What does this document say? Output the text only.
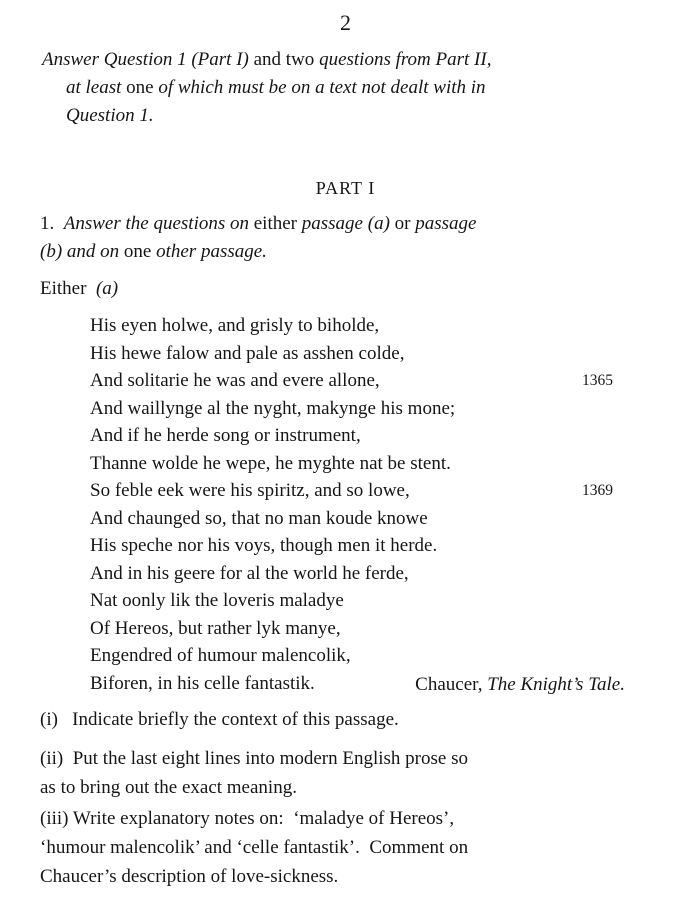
2
Answer Question 1 (Part I) and two questions from Part II,
at least one of which must be on a text not dealt with in
Question 1.
PART I
1. Answer the questions on either passage (a) or passage
(b) and on one other passage.
Either (a)
His eyen holwe, and grisly to biholde,
His hewe falow and pale as asshen colde,
And solitarie he was and evere allone,	1365
And waillynge al the nyght, makynge his mone;
And if he herde song or instrument,
Thanne wolde he wepe, he myghte nat be stent.
So feble eek were his spiritz, and so lowe,	1369
And chaunged so, that no man koude knowe
His speche nor his voys, though men it herde.
And in his geere for al the world he ferde,
Nat oonly lik the loveris maladye
Of Hereos, but rather lyk manye,
Engendred of humour malencolik,
Biforen, in his celle fantastik.	Chaucer, The Knight’s Tale.
(i)   Indicate briefly the context of this passage.
(ii)  Put the last eight lines into modern English prose so
as to bring out the exact meaning.
(iii) Write explanatory notes on:  ‘maladye of Hereos’,
‘humour malencolik’ and ‘celle fantastik’.  Comment on
Chaucer’s description of love-sickness.
